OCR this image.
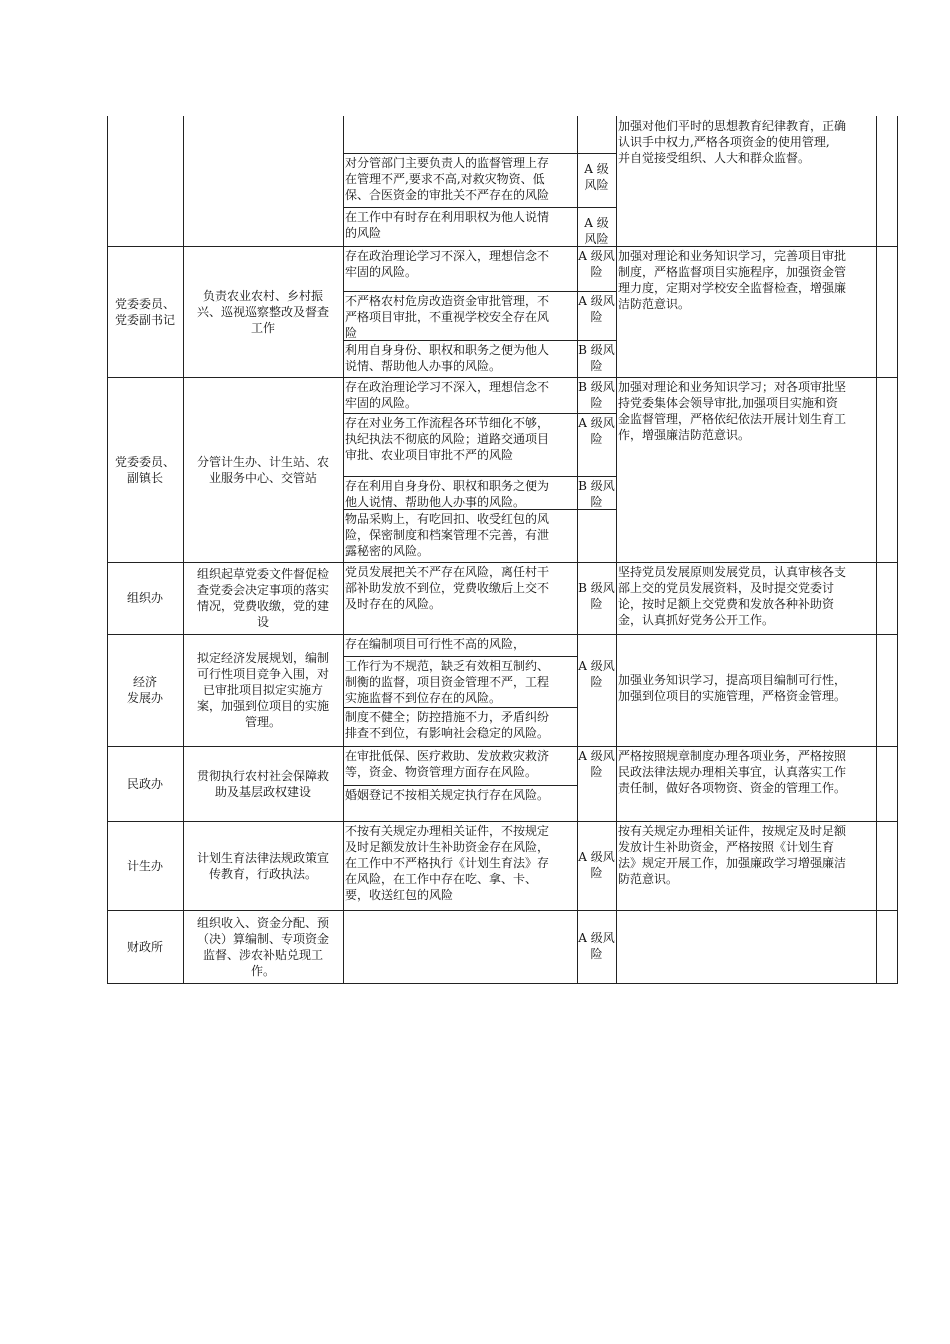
对分管部门主要负责人的监督管理上存
在管理不严,要求不高,对救灾物资、低
保、合医资金的审批关不严存在的风险
A 级
风险
在工作中有时存在利用职权为他人说情
的风险
A 级
风险
加强对他们平时的思想教育纪律教育，正确
认识手中权力,严格各项资金的使用管理,
并自觉接受组织、人大和群众监督。
党委委员、
党委副书记
负责农业农村、乡村振
兴、巡视巡察整改及督查
工作
存在政治理论学习不深入，理想信念不
牢固的风险。
A 级风
险
不严格农村危房改造资金审批管理，不
严格项目审批，不重视学校安全存在风
险
A 级风
险
利用自身身份、职权和职务之便为他人
说情、帮助他人办事的风险。
B 级风
险
加强对理论和业务知识学习，完善项目审批
制度，严格监督项目实施程序，加强资金管
理力度，定期对学校安全监督检查，增强廉
洁防范意识。
党委委员、
副镇长
分管计生办、计生站、农
业服务中心、交管站
存在政治理论学习不深入，理想信念不
牢固的风险。
B 级风
险
存在对业务工作流程各环节细化不够，
执纪执法不彻底的风险；道路交通项目
审批、农业项目审批不严的风险
A 级风
险
存在利用自身身份、职权和职务之便为
他人说情、帮助他人办事的风险。
B 级风
险
物品采购上，有吃回扣、收受红包的风
险，保密制度和档案管理不完善，有泄
露秘密的风险。
加强对理论和业务知识学习；对各项审批坚
持党委集体会领导审批,加强项目实施和资
金监督管理，严格依纪依法开展计划生育工
作，增强廉洁防范意识。
组织办
组织起草党委文件督促检
查党委会决定事项的落实
情况，党费收缴，党的建
设
党员发展把关不严存在风险，离任村干
部补助发放不到位，党费收缴后上交不
及时存在的风险。
B 级风
险
坚持党员发展原则发展党员，认真审核各支
部上交的党员发展资料，及时提交党委讨
论，按时足额上交党费和发放各种补助资
金，认真抓好党务公开工作。
经济
发展办
拟定经济发展规划，编制
可行性项目竞争入围，对
已审批项目拟定实施方
案，加强到位项目的实施
管理。
存在编制项目可行性不高的风险，
工作行为不规范，缺乏有效相互制约、
制衡的监督，项目资金管理不严，工程
实施监督不到位存在的风险。
A 级风
险
制度不健全；防控措施不力，矛盾纠纷
排查不到位，有影响社会稳定的风险。
加强业务知识学习，提高项目编制可行性，
加强到位项目的实施管理，严格资金管理。
民政办
贯彻执行农村社会保障救
助及基层政权建设
在审批低保、医疗救助、发放救灾救济
等，资金、物资管理方面存在风险。
A 级风
险
婚姻登记不按相关规定执行存在风险。
严格按照规章制度办理各项业务，严格按照
民政法律法规办理相关事宜，认真落实工作
责任制，做好各项物资、资金的管理工作。
计生办
计划生育法律法规政策宣
传教育，行政执法。
不按有关规定办理相关证件，不按规定
及时足额发放计生补助资金存在风险，
在工作中不严格执行《计划生育法》存
在风险，在工作中存在吃、拿、卡、
要，收送红包的风险
A 级风
险
按有关规定办理相关证件，按规定及时足额
发放计生补助资金，严格按照《计划生育
法》规定开展工作，加强廉政学习增强廉洁
防范意识。
财政所
组织收入、资金分配、预
（决）算编制、专项资金
监督、涉农补贴兑现工
作。
A 级风
险
